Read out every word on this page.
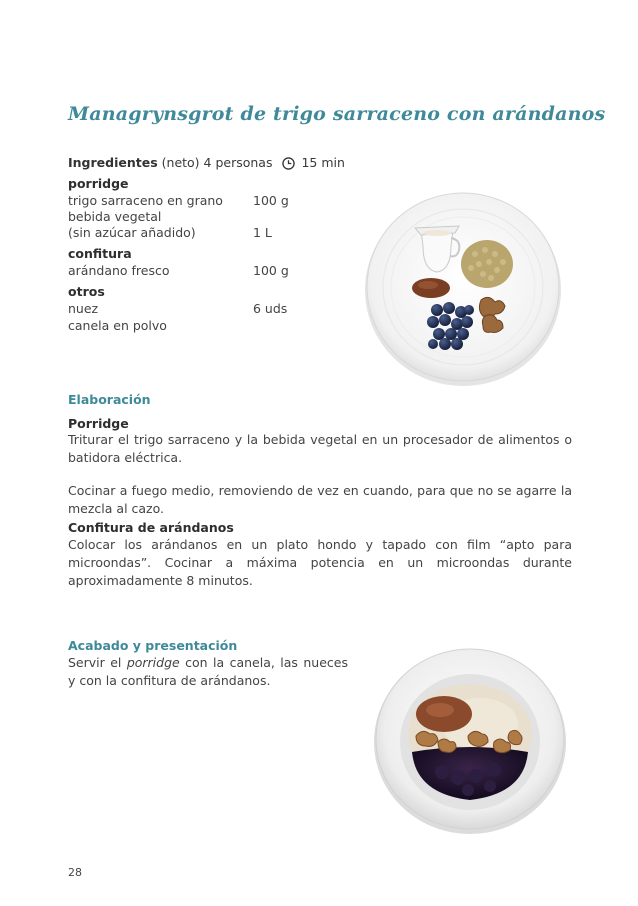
Managrynsgrot de trigo sarraceno con arándanos
Ingredientes (neto) 4 personas 15 min
porridge
trigo sarraceno en grano 100 g
bebida vegetal
(sin azúcar añadido)	1 L
confitura
arándano fresco	100 g
otros
nuez	6 uds
canela en polvo
Elaboración
Porridge

Triturar el trigo sarraceno y la bebida vegetal en un procesador de alimentos o batidora eléctrica.

Cocinar a fuego medio, removiendo de vez en cuando, para que no se agarre la mezcla al cazo.

Confitura de arándanos

Colocar los arándanos en un plato hondo y tapado con film “apto para microondas”. Cocinar a máxima potencia en un microondas durante aproximadamente 8 minutos.

Acabado y presentación

Servir el porridge con la canela, las nueces y con la confitura de arándanos.

28
